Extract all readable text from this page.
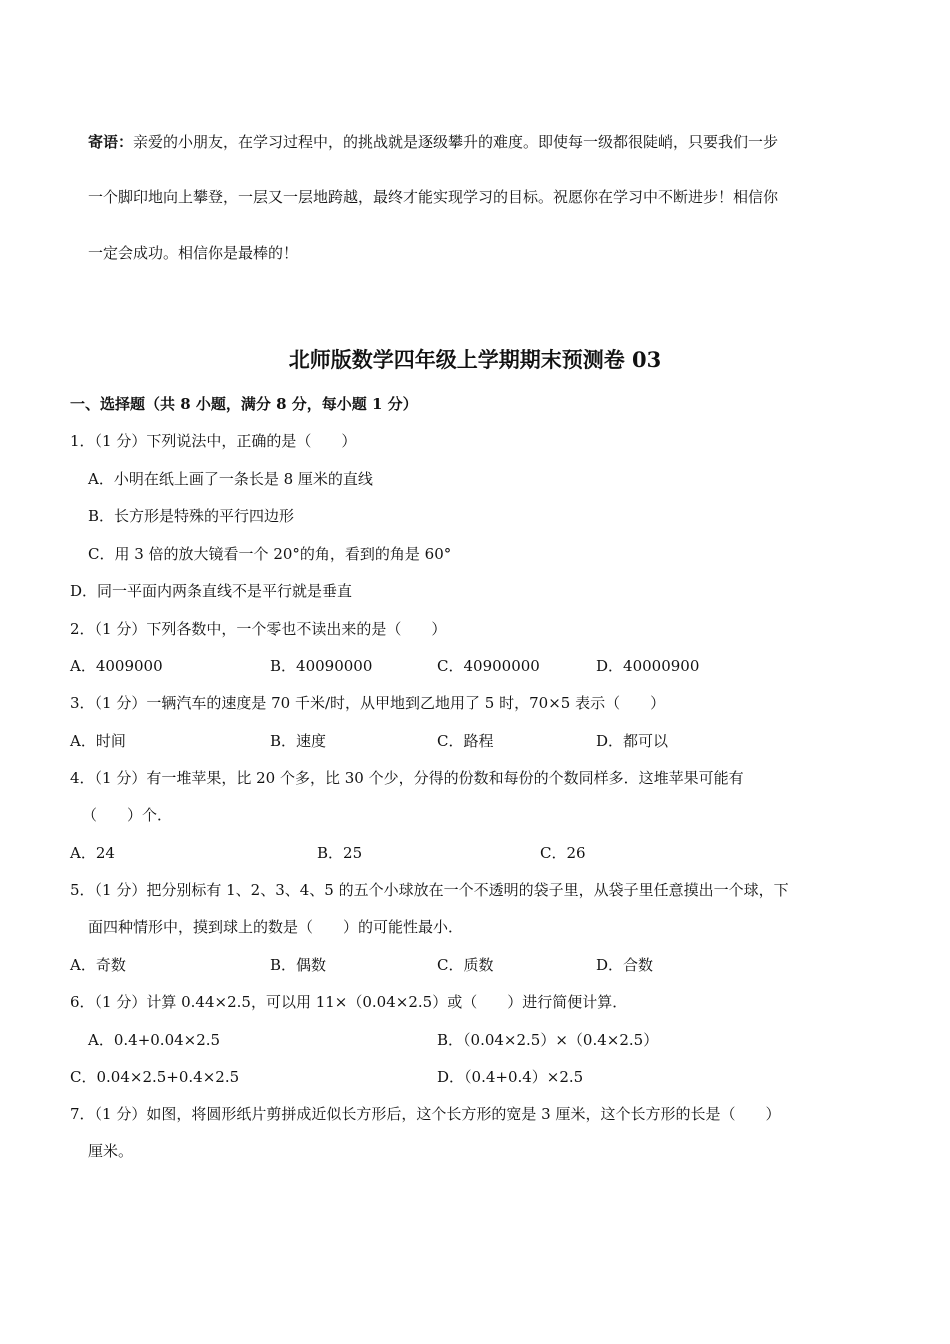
寄语：亲爱的小朋友，在学习过程中，的挑战就是逐级攀升的难度。即使每一级都很陡峭，只要我们一步
一个脚印地向上攀登，一层又一层地跨越，最终才能实现学习的目标。祝愿你在学习中不断进步！相信你
一定会成功。相信你是最棒的！
北师版数学四年级上学期期末预测卷 03
一、选择题（共 8 小题，满分 8 分，每小题 1 分）
1．（1 分）下列说法中，正确的是（　　）
A．小明在纸上画了一条长是 8 厘米的直线
B．长方形是特殊的平行四边形
C．用 3 倍的放大镜看一个 20°的角，看到的角是 60°
D．同一平面内两条直线不是平行就是垂直
2．（1 分）下列各数中，一个零也不读出来的是（　　）
A．4009000	B．40090000	C．40900000	D．40000900
3．（1 分）一辆汽车的速度是 70 千米/时，从甲地到乙地用了 5 时，70×5 表示（　　）
A．时间	B．速度	C．路程	D．都可以
4．（1 分）有一堆苹果，比 20 个多，比 30 个少，分得的份数和每份的个数同样多．这堆苹果可能有
（　　）个．
A．24	B．25	C．26
5．（1 分）把分别标有 1、2、3、4、5 的五个小球放在一个不透明的袋子里，从袋子里任意摸出一个球，下
面四种情形中，摸到球上的数是（　　）的可能性最小．
A．奇数	B．偶数	C．质数	D．合数
6．（1 分）计算 0.44×2.5，可以用 11×（0.04×2.5）或（　　）进行简便计算．
A．0.4+0.04×2.5	B．（0.04×2.5）×（0.4×2.5）
C．0.04×2.5+0.4×2.5	D．（0.4+0.4）×2.5
7．（1 分）如图，将圆形纸片剪拼成近似长方形后，这个长方形的宽是 3 厘米，这个长方形的长是（　　）
厘米。
